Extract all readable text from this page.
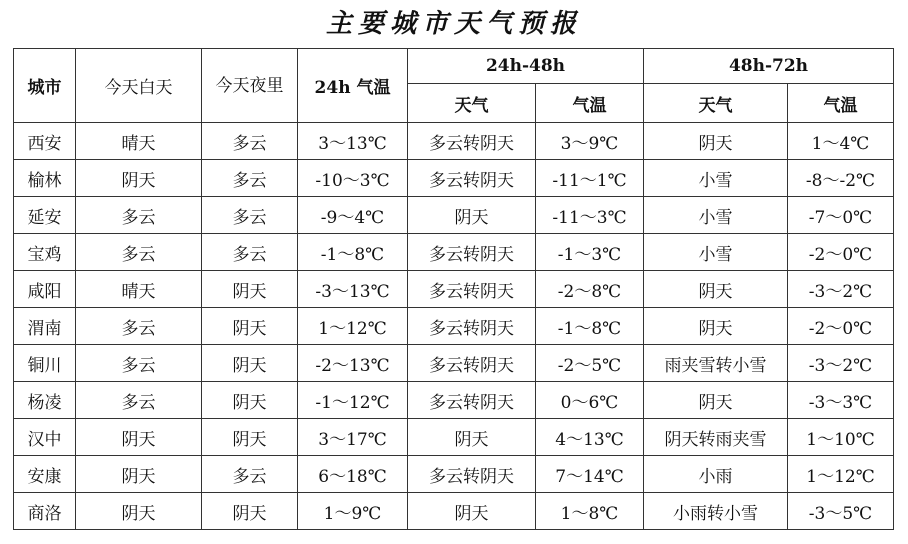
主要城市天气预报
城市	今天白天	今天夜里	24h 气温	24h-48h		48h-72h	
				天气	气温	天气	气温
西安	晴天	多云	3～13℃	多云转阴天	3～9℃	阴天	1～4℃
榆林	阴天	多云	-10～3℃	多云转阴天	-11～1℃	小雪	-8～-2℃
延安	多云	多云	-9～4℃	阴天	-11～3℃	小雪	-7～0℃
宝鸡	多云	多云	-1～8℃	多云转阴天	-1～3℃	小雪	-2～0℃
咸阳	晴天	阴天	-3～13℃	多云转阴天	-2～8℃	阴天	-3～2℃
渭南	多云	阴天	1～12℃	多云转阴天	-1～8℃	阴天	-2～0℃
铜川	多云	阴天	-2～13℃	多云转阴天	-2～5℃	雨夹雪转小雪	-3～2℃
杨凌	多云	阴天	-1～12℃	多云转阴天	0～6℃	阴天	-3～3℃
汉中	阴天	阴天	3～17℃	阴天	4～13℃	阴天转雨夹雪	1～10℃
安康	阴天	多云	6～18℃	多云转阴天	7～14℃	小雨	1～12℃
商洛	阴天	阴天	1～9℃	阴天	1～8℃	小雨转小雪	-3～5℃
